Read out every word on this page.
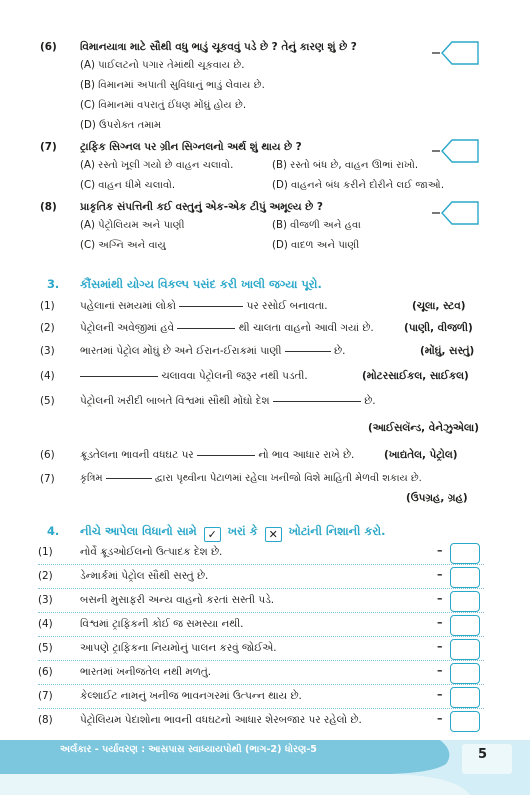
(6) વિમાનયાત્રા માટે સૌથી વધુ ભાડું ચૂકવવું પડે છે ? તેનું કારણ શું છે ?
(A) પાઈલટનો પગાર તેમાંથી ચૂકવાય છે.
(B) વિમાનમાં અપાતી સુવિધાનું ભાડું લેવાય છે.
(C) વિમાનમાં વપરાતું ઈંધણ મોંઘું હોય છે.
(D) ઉપરોક્ત તમામ
(7) ટ્રાફિક સિગ્નલ પર ગ્રીન સિગ્નલનો અર્થ શું થાય છે ?
(A) રસ્તો ખૂલી ગયો છે વાહન ચલાવો.	(B) રસ્તો બંધ છે, વાહન ઊભાં રાખો.
(C) વાહન ધીમે ચલાવો.	(D) વાહનને બંધ કરીને દોરીને લઈ જાઓ.
(8) પ્રાકૃતિક સંપત્તિની કઈ વસ્તુનું એક-એક ટીપું અમૂલ્ય છે ?
(A) પેટ્રોલિયમ અને પાણી	(B) વીજળી અને હવા
(C) અગ્નિ અને વાયુ	(D) વાદળ અને પાણી
3. કૌંસમાંથી યોગ્ય વિકલ્પ પસંદ કરી ખાલી જગ્યા પૂરો.
(1) પહેલાનાં સમયમાં લોકો	પર રસોઈ બનાવતા.	(ચૂલા, સ્ટવ)
(2) પેટ્રોલની અવેજીમાં હવે	થી ચાલતા વાહનો આવી ગયાં છે.	(પાણી, વીજળી)
(3) ભારતમાં પેટ્રોલ મોંઘું છે અને ઈરાન-ઈરાકમાં પાણી	છે.	(મોંઘું, સસ્તું)
(4)	ચલાવવા પેટ્રોલની જરૂર નથી પડતી.	(મોટરસાઈકલ, સાઈકલ)
(5) પેટ્રોલની ખરીદી બાબતે વિશ્વમાં સૌથી મોંઘો દેશ	છે.
(આઈસલૅન્ડ, વેનેઝુએલા)
(6) ક્રૂડતેલના ભાવની વધઘટ પર	નો ભાવ આધાર રાખે છે.	(ખાદ્યતેલ, પેટ્રોલ)
(7)	કૃત્રિમ	દ્વારા પૃથ્વીના પેટાળમાં રહેલા ખનીજો વિશે માહિતી મેળવી શકાય છે.
(ઉપગ્રહ, ગ્રહ)
4. નીચે આપેલા વિધાનો સામે ✓ ખરાં કે ✕ ખોટાંની નિશાની કરો.
(1)	નોર્વે ક્રૂડઓઈલનો ઉત્પાદક દેશ છે.	–
(2)	ડેન્માર્કમાં પેટ્રોલ સૌથી સસ્તું છે.	–
(3)	બસની મુસાફરી અન્ય વાહનો કરતાં સસ્તી પડે.	–
(4)	વિશ્વમાં ટ્રાફિકની કોઈ જ સમસ્યા નથી.	–
(5)	આપણે ટ્રાફિકના નિયમોનું પાલન કરવું જોઈએ.	–
(6)	ભારતમાં ખનીજતેલ નથી મળતું.	–
(7)	કેલ્શાઈટ નામનું ખનીજ ભાવનગરમાં ઉત્પન્ન થાય છે.	–
(8)	પેટ્રોલિયમ પેદાશોના ભાવની વધઘટનો આધાર શેરબજાર પર રહેલો છે.	–
અર્લકાર - પર્યાવરણ : આસપાસ સ્વાધ્યાયપોથી (ભાગ-2) ધોરણ-5	5
